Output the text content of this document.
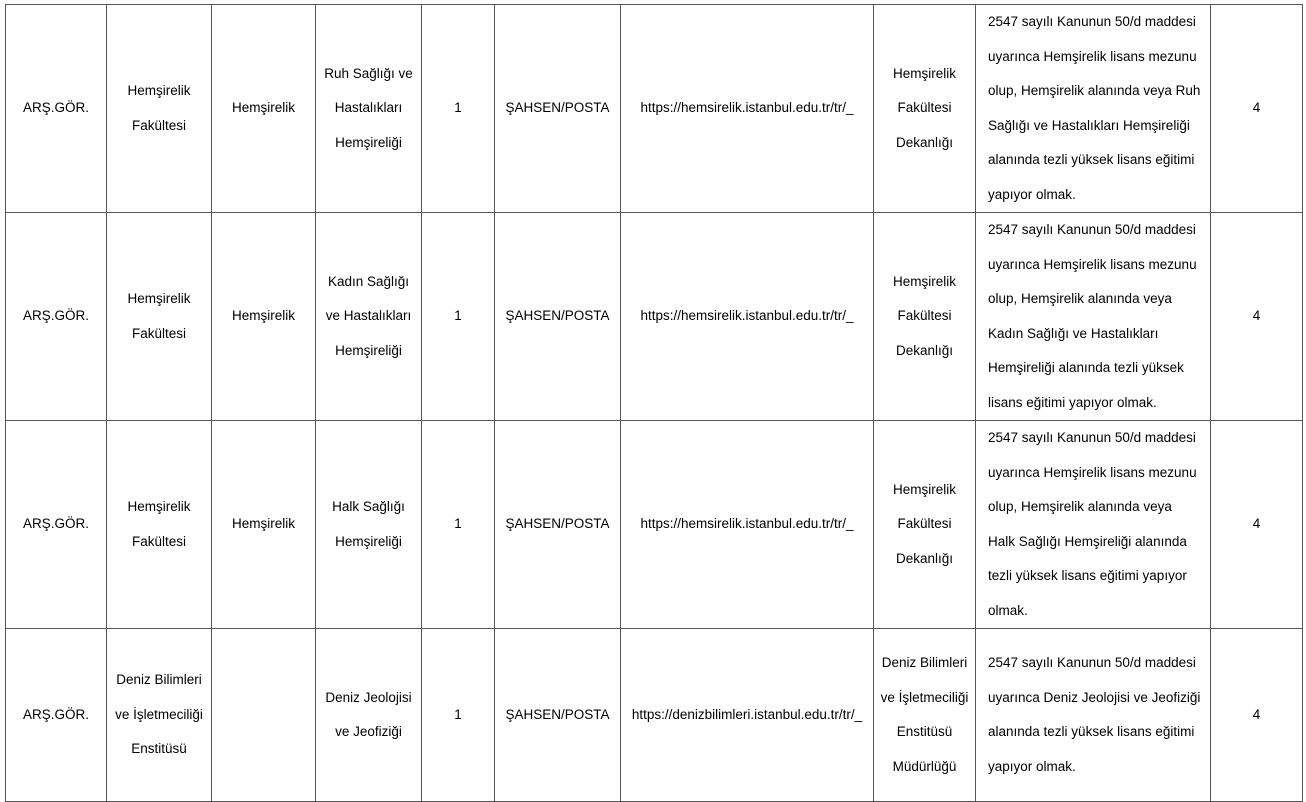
ARŞ.GÖR.	Hemşirelik Fakültesi	Hemşirelik	Ruh Sağlığı ve Hastalıkları Hemşireliği	1	ŞAHSEN/POSTA	https://hemsirelik.istanbul.edu.tr/tr/_	Hemşirelik Fakültesi Dekanlığı	2547 sayılı Kanunun 50/d maddesi uyarınca Hemşirelik lisans mezunu olup, Hemşirelik alanında veya Ruh Sağlığı ve Hastalıkları Hemşireliği alanında tezli yüksek lisans eğitimi yapıyor olmak.	4
ARŞ.GÖR.	Hemşirelik Fakültesi	Hemşirelik	Kadın Sağlığı ve Hastalıkları Hemşireliği	1	ŞAHSEN/POSTA	https://hemsirelik.istanbul.edu.tr/tr/_	Hemşirelik Fakültesi Dekanlığı	2547 sayılı Kanunun 50/d maddesi uyarınca Hemşirelik lisans mezunu olup, Hemşirelik alanında veya Kadın Sağlığı ve Hastalıkları Hemşireliği alanında tezli yüksek lisans eğitimi yapıyor olmak.	4
ARŞ.GÖR.	Hemşirelik Fakültesi	Hemşirelik	Halk Sağlığı Hemşireliği	1	ŞAHSEN/POSTA	https://hemsirelik.istanbul.edu.tr/tr/_	Hemşirelik Fakültesi Dekanlığı	2547 sayılı Kanunun 50/d maddesi uyarınca Hemşirelik lisans mezunu olup, Hemşirelik alanında veya Halk Sağlığı Hemşireliği alanında tezli yüksek lisans eğitimi yapıyor olmak.	4
ARŞ.GÖR.	Deniz Bilimleri ve İşletmeciliği Enstitüsü		Deniz Jeolojisi ve Jeofiziği	1	ŞAHSEN/POSTA	https://denizbilimleri.istanbul.edu.tr/tr/_	Deniz Bilimleri ve İşletmeciliği Enstitüsü Müdürlüğü	2547 sayılı Kanunun 50/d maddesi uyarınca Deniz Jeolojisi ve Jeofiziği alanında tezli yüksek lisans eğitimi yapıyor olmak.	4
